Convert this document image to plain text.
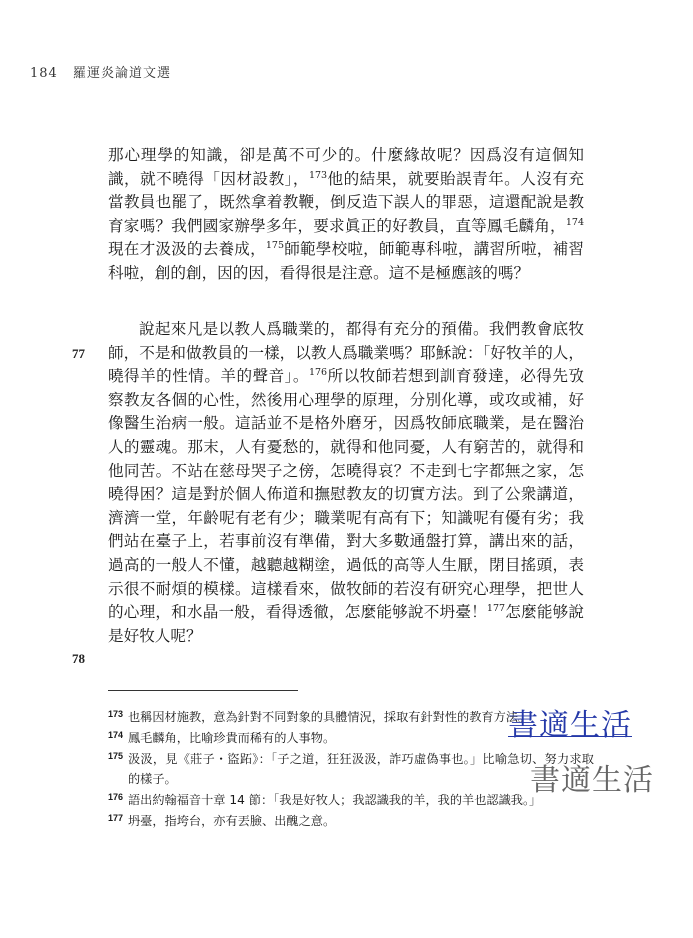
184 羅運炎論道文選
那心理學的知識，卻是萬不可少的。什麼緣故呢？因爲沒有這個知識，就不曉得「因材設教」，$^{173}$他的結果，就要貽誤青年。人沒有充當教員也罷了，既然拿着教鞭，倒反造下誤人的罪惡，這還配說是教育家嗎？我們國家辦學多年，要求眞正的好教員，直等鳳毛麟角，$^{174}$現在才汲汲的去養成，$^{175}$師範學校啦，師範專科啦，講習所啦，補習科啦，創的創，因的因，看得很是注意。這不是極應該的嗎？
77
說起來凡是以教人爲職業的，都得有充分的預備。我們教會底牧師，不是和做教員的一樣，以教人爲職業嗎？耶穌說：「好牧羊的人，曉得羊的性情。羊的聲音」。$^{176}$所以牧師若想到訓育發達，必得先攷察教友各個的心性，然後用心理學的原理，分別化導，或攻或補，好像醫生治病一般。這話並不是格外磨牙，因爲牧師底職業，是在醫治人的靈魂。那末，人有憂愁的，就得和他同憂，人有窮苦的，就得和他同苦。不站在慈母哭子之傍，怎曉得哀？不走到七字都無之家，怎曉得困？這是對於個人佈道和撫慰教友的切實方法。到了公衆講道，濟濟一堂，年齡呢有老有少；職業呢有高有下；知識呢有優有劣；我們站在臺子上，若事前沒有準備，對大多數通盤打算，講出來的話，過高的一般人不懂，越聽越糊塗，過低的高等人生厭，閉目搖頭，表示很不耐煩的模樣。這樣看來，做牧師的若沒有研究心理學，把世人的心理，和水晶一般，看得透徹，怎麼能够說不坍臺！$^{177}$怎麼能够說是好牧人呢？
78
173 也稱因材施教，意為針對不同對象的具體情況，採取有針對性的教育方法。
174 鳳毛麟角，比喻珍貴而稀有的人事物。
175 汲汲，見《莊子・盜跖》：「子之道，狂狂汲汲，詐巧虛偽事也。」比喻急切、努力求取的樣子。
176 語出約翰福音十章 14 節：「我是好牧人；我認識我的羊，我的羊也認識我。」
177 坍臺，指垮台，亦有丟臉、出醜之意。
書適生活
書適生活
